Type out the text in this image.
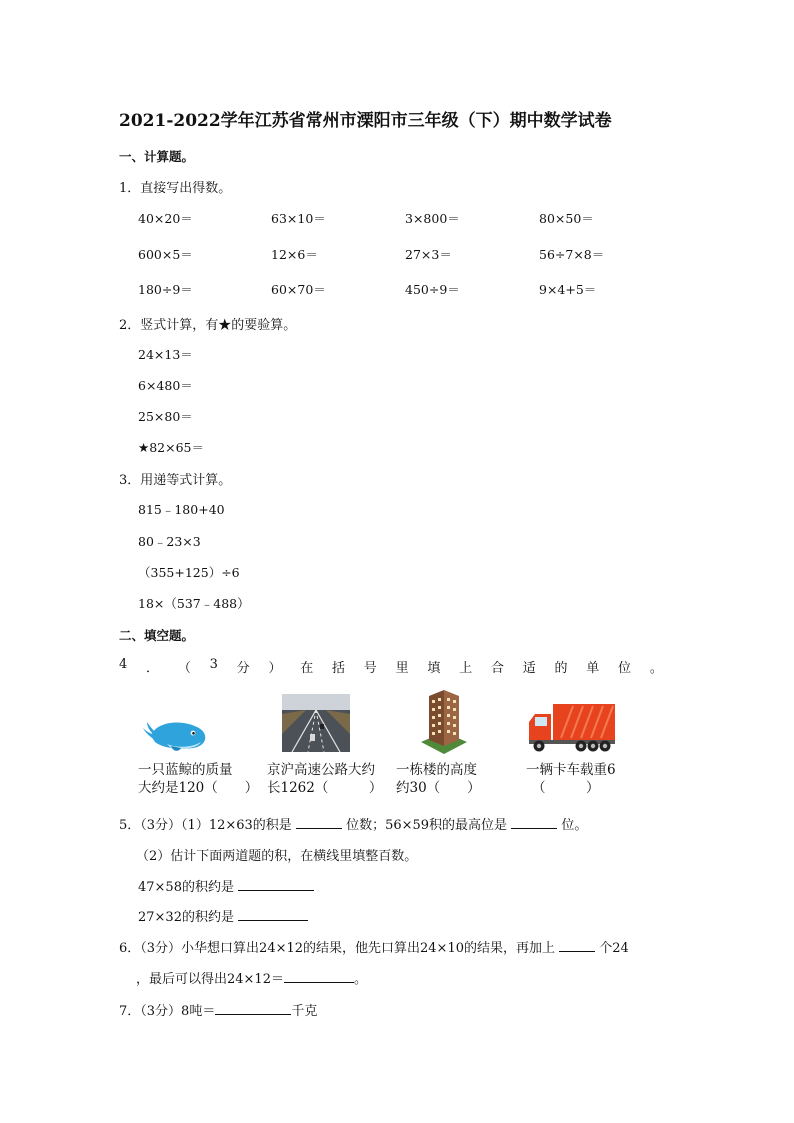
2021-2022学年江苏省常州市溧阳市三年级（下）期中数学试卷
一、计算题。
1．直接写出得数。
40×20＝	63×10＝	3×800＝	80×50＝
600×5＝	12×6＝	27×3＝	56÷7×8＝
180÷9＝	60×70＝	450÷9＝	9×4+5＝
2．竖式计算，有★的要验算。
24×13＝
6×480＝
25×80＝
★82×65＝
3．用递等式计算。
815﹣180+40
80﹣23×3
（355+125）÷6
18×（537﹣488）
二、填空题。
4 ． （ 3 分 ） 在 括 号 里 填 上 合 适 的 单 位 。
一只蓝鲸的质量
大约是120（　　）
京沪高速公路大约
长1262（　　　）
一栋楼的高度
约30（　　）
一辆卡车载重6
（　　　）
5．（3分）（1）12×63的积是	位数；56×59积的最高位是	位。
（2）估计下面两道题的积，在横线里填整百数。
47×58的积约是
27×32的积约是
6．（3分）小华想口算出24×12的结果，他先口算出24×10的结果，再加上	个24
，最后可以得出24×12＝	。
7．（3分）8吨＝	千克
